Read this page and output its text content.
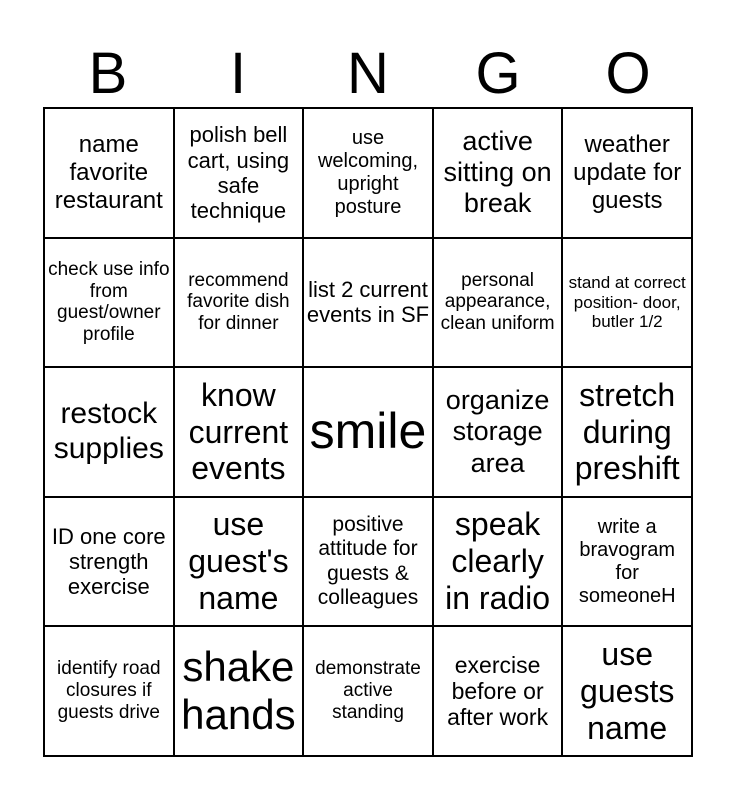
B	I	N	G	O
name favorite restaurant
polish bell cart, using safe technique
use welcoming, upright posture
active sitting on break
weather update for guests
check use info from guest/owner profile
recommend favorite dish for dinner
list 2 current events in SF
personal appearance, clean uniform
stand at correct position- door, butler 1/2
restock supplies
know current events
smile
organize storage area
stretch during preshift
ID one core strength exercise
use guest's name
positive attitude for guests & colleagues
speak clearly in radio
write a bravogram for someoneH
identify road closures if guests drive
shake hands
demonstrate active standing
exercise before or after work
use guests name
